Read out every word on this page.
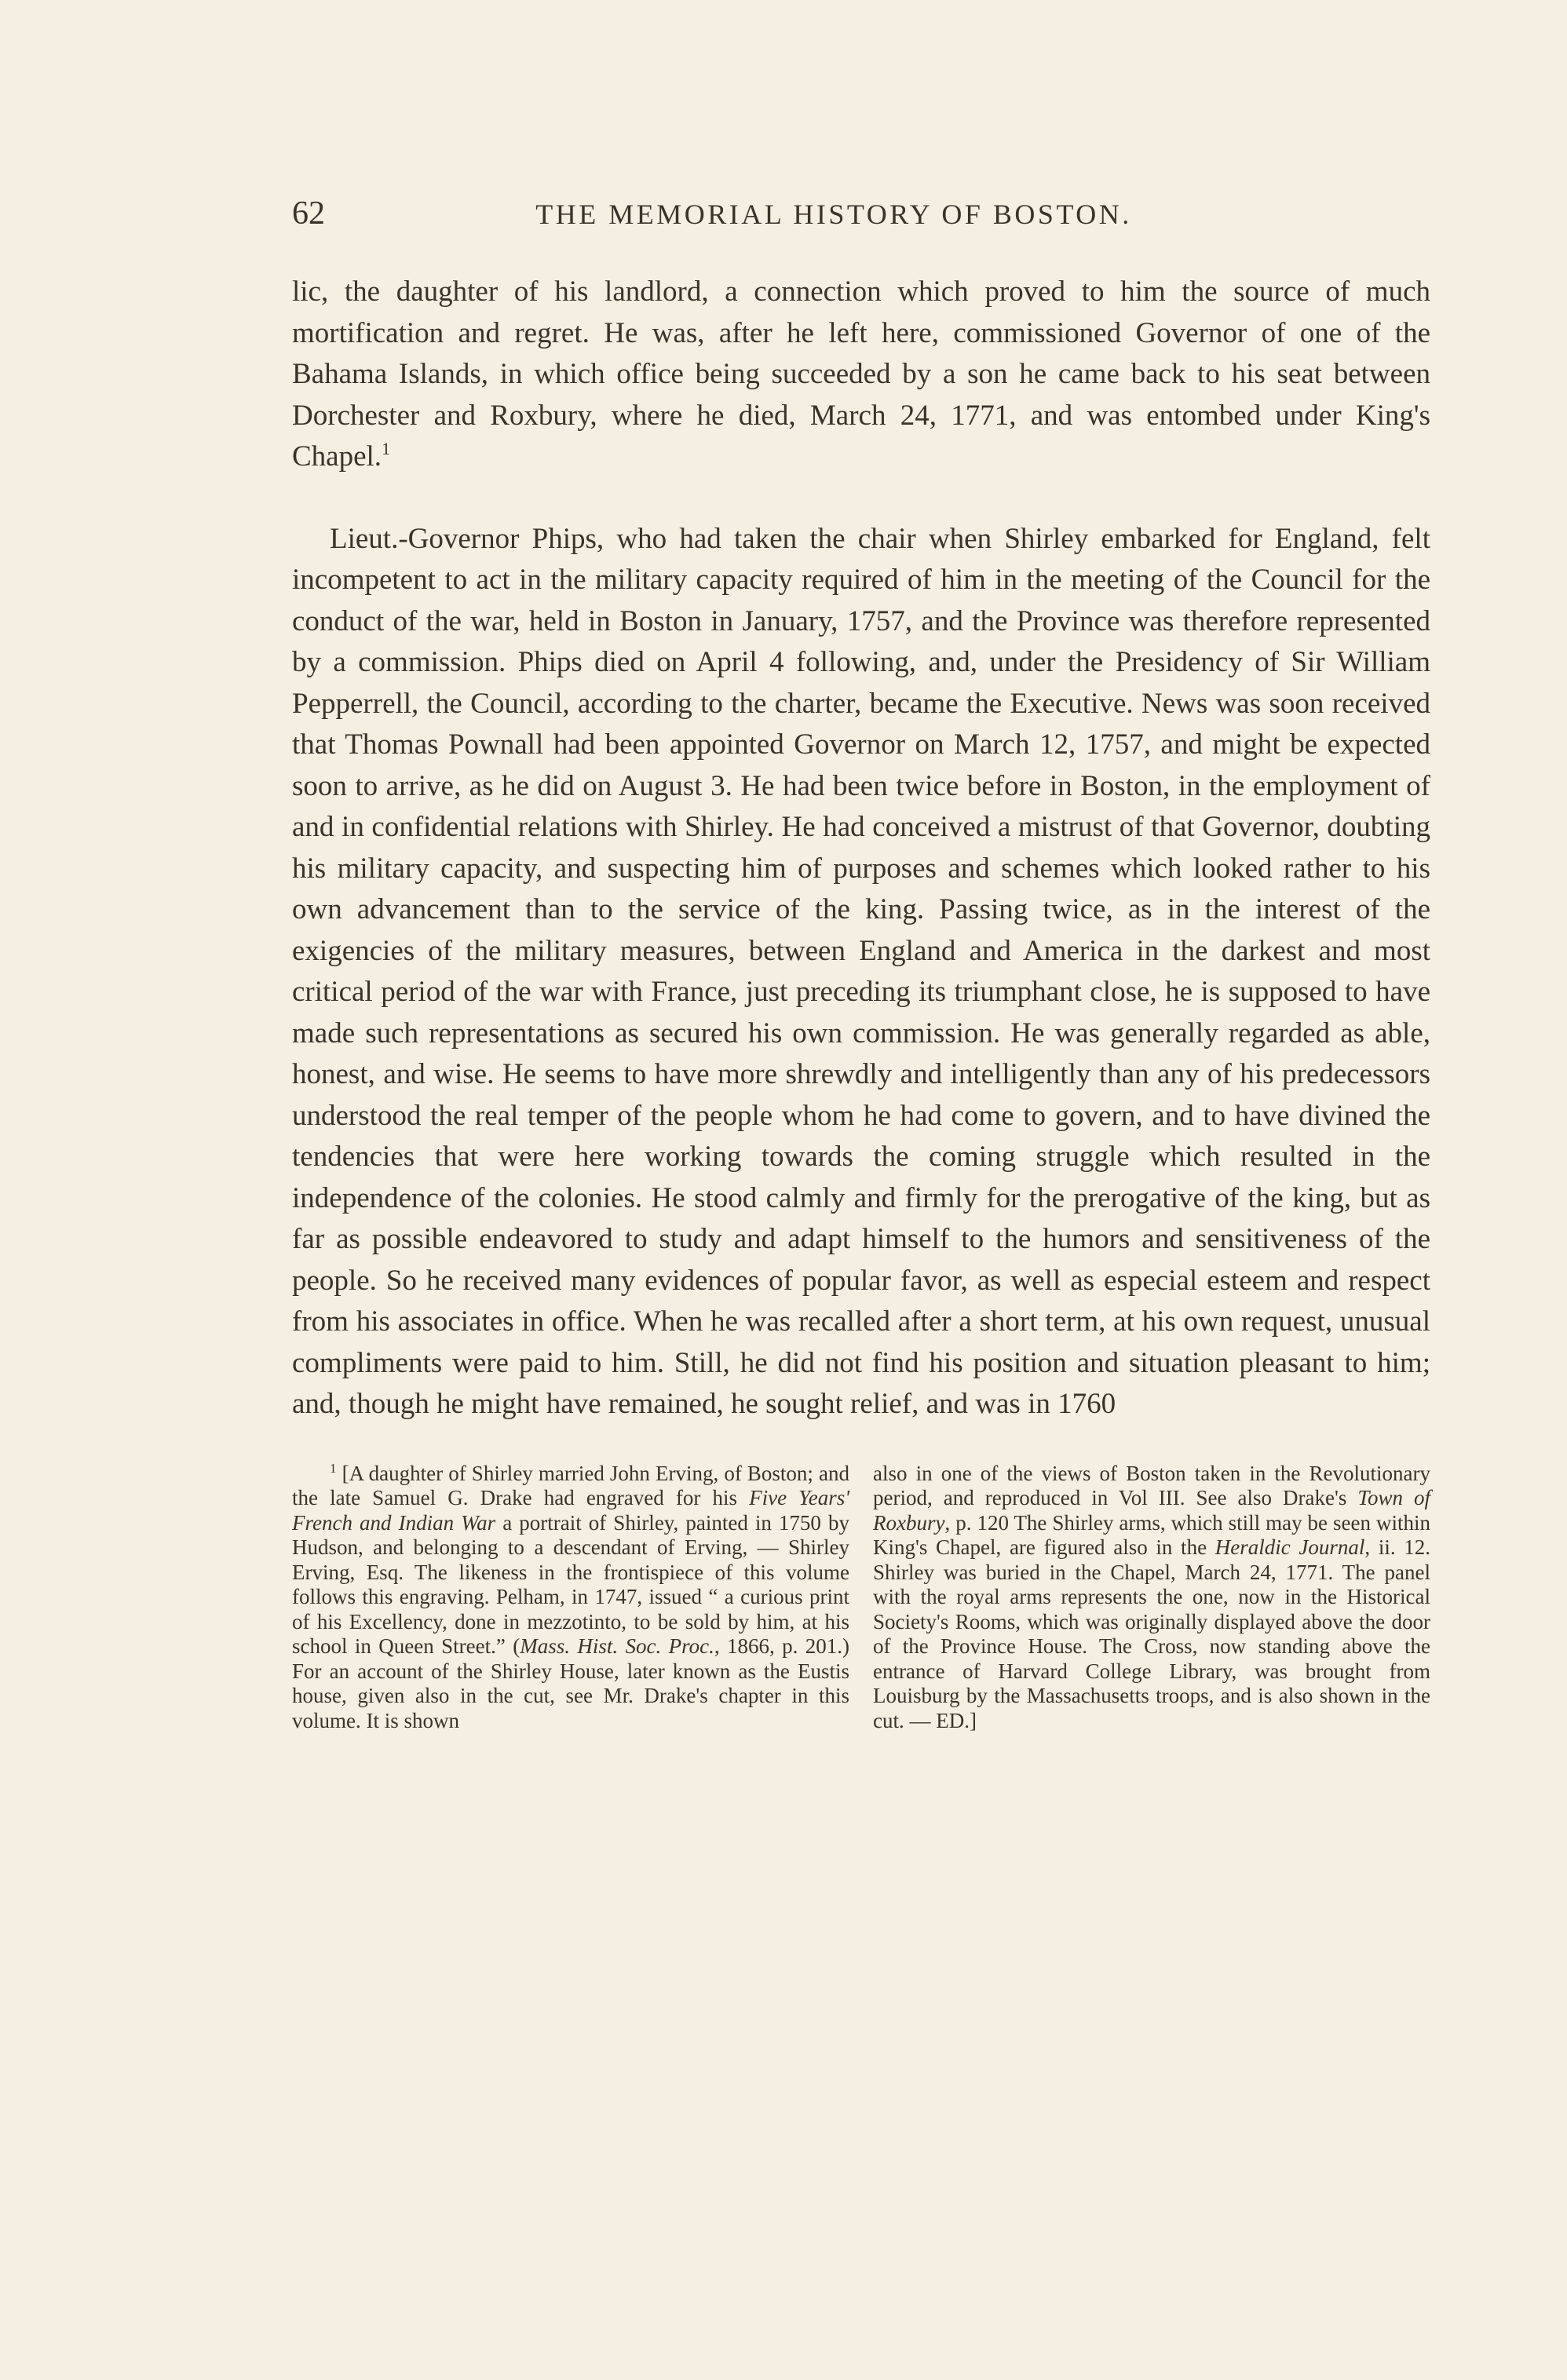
62	THE MEMORIAL HISTORY OF BOSTON.

lic, the daughter of his landlord, a connection which proved to him the source of much mortification and regret. He was, after he left here, commissioned Governor of one of the Bahama Islands, in which office being succeeded by a son he came back to his seat between Dorchester and Roxbury, where he died, March 24, 1771, and was entombed under King's Chapel.$^1$

Lieut.-Governor Phips, who had taken the chair when Shirley embarked for England, felt incompetent to act in the military capacity required of him in the meeting of the Council for the conduct of the war, held in Boston in January, 1757, and the Province was therefore represented by a commission. Phips died on April 4 following, and, under the Presidency of Sir William Pepperrell, the Council, according to the charter, became the Executive. News was soon received that Thomas Pownall had been appointed Governor on March 12, 1757, and might be expected soon to arrive, as he did on August 3. He had been twice before in Boston, in the employment of and in confidential relations with Shirley. He had conceived a mistrust of that Governor, doubting his military capacity, and suspecting him of purposes and schemes which looked rather to his own advancement than to the service of the king. Passing twice, as in the interest of the exigencies of the military measures, between England and America in the darkest and most critical period of the war with France, just preceding its triumphant close, he is supposed to have made such representations as secured his own commission. He was generally regarded as able, honest, and wise. He seems to have more shrewdly and intelligently than any of his predecessors understood the real temper of the people whom he had come to govern, and to have divined the tendencies that were here working towards the coming struggle which resulted in the independence of the colonies. He stood calmly and firmly for the prerogative of the king, but as far as possible endeavored to study and adapt himself to the humors and sensitiveness of the people. So he received many evidences of popular favor, as well as especial esteem and respect from his associates in office. When he was recalled after a short term, at his own request, unusual compliments were paid to him. Still, he did not find his position and situation pleasant to him; and, though he might have remained, he sought relief, and was in 1760

$^1$ [A daughter of Shirley married John Erving, of Boston; and the late Samuel G. Drake had engraved for his Five Years' French and Indian War a portrait of Shirley, painted in 1750 by Hudson, and belonging to a descendant of Erving, — Shirley Erving, Esq. The likeness in the frontispiece of this volume follows this engraving. Pelham, in 1747, issued “ a curious print of his Excellency, done in mezzotinto, to be sold by him, at his school in Queen Street.” (Mass. Hist. Soc. Proc., 1866, p. 201.) For an account of the Shirley House, later known as the Eustis house, given also in the cut, see Mr. Drake's chapter in this volume. It is shown

also in one of the views of Boston taken in the Revolutionary period, and reproduced in Vol III. See also Drake's Town of Roxbury, p. 120 The Shirley arms, which still may be seen within King's Chapel, are figured also in the Heraldic Journal, ii. 12. Shirley was buried in the Chapel, March 24, 1771. The panel with the royal arms represents the one, now in the Historical Society's Rooms, which was originally displayed above the door of the Province House. The Cross, now standing above the entrance of Harvard College Library, was brought from Louisburg by the Massachusetts troops, and is also shown in the cut. — ED.]
